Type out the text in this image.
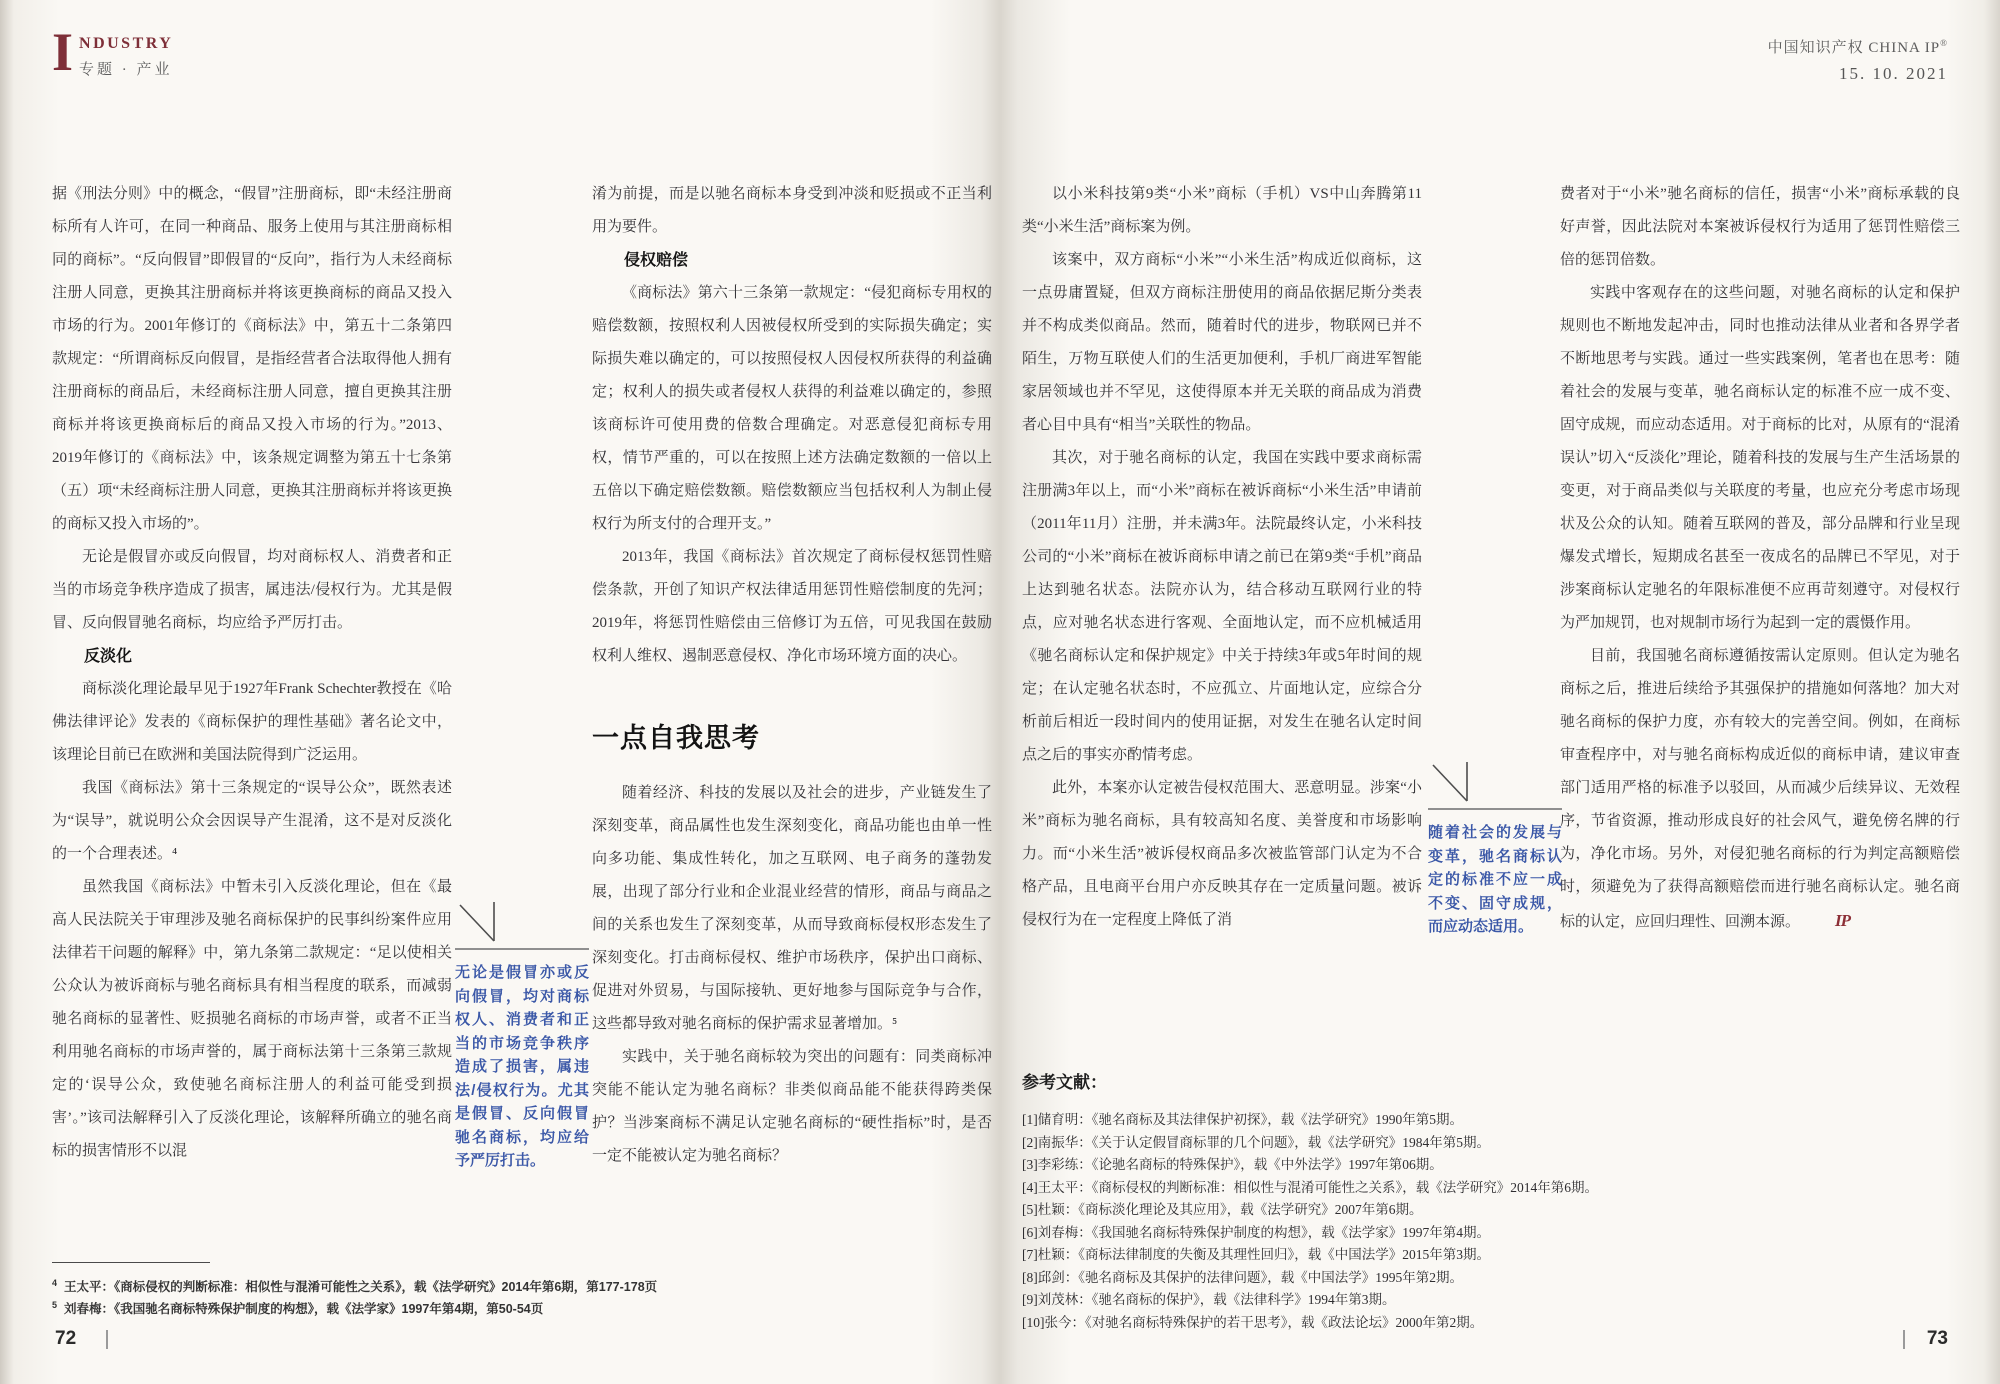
I NDUSTRY
专题 · 产业
中国知识产权 CHINA IP®
15. 10. 2021
据《刑法分则》中的概念，“假冒”注册商标，即“未经注册商标所有人许可，在同一种商品、服务上使用与其注册商标相同的商标”。“反向假冒”即假冒的“反向”，指行为人未经商标注册人同意，更换其注册商标并将该更换商标的商品又投入市场的行为。2001年修订的《商标法》中，第五十二条第四款规定：“所谓商标反向假冒，是指经营者合法取得他人拥有注册商标的商品后，未经商标注册人同意，擅自更换其注册商标并将该更换商标后的商品又投入市场的行为。”2013、2019年修订的《商标法》中，该条规定调整为第五十七条第（五）项“未经商标注册人同意，更换其注册商标并将该更换的商标又投入市场的”。
无论是假冒亦或反向假冒，均对商标权人、消费者和正当的市场竞争秩序造成了损害，属违法/侵权行为。尤其是假冒、反向假冒驰名商标，均应给予严厉打击。
反淡化
商标淡化理论最早见于1927年Frank Schechter教授在《哈佛法律评论》发表的《商标保护的理性基础》著名论文中，该理论目前已在欧洲和美国法院得到广泛运用。
我国《商标法》第十三条规定的“误导公众”，既然表述为“误导”，就说明公众会因误导产生混淆，这不是对反淡化的一个合理表述。⁴
虽然我国《商标法》中暂未引入反淡化理论，但在《最高人民法院关于审理涉及驰名商标保护的民事纠纷案件应用法律若干问题的解释》中，第九条第二款规定：“足以使相关公众认为被诉商标与驰名商标具有相当程度的联系，而减弱驰名商标的显著性、贬损驰名商标的市场声誉，或者不正当利用驰名商标的市场声誉的，属于商标法第十三条第三款规定的‘误导公众，致使驰名商标注册人的利益可能受到损害’。”该司法解释引入了反淡化理论，该解释所确立的驰名商标的损害情形不以混
淆为前提，而是以驰名商标本身受到冲淡和贬损或不正当利用为要件。
侵权赔偿
《商标法》第六十三条第一款规定：“侵犯商标专用权的赔偿数额，按照权利人因被侵权所受到的实际损失确定；实际损失难以确定的，可以按照侵权人因侵权所获得的利益确定；权利人的损失或者侵权人获得的利益难以确定的，参照该商标许可使用费的倍数合理确定。对恶意侵犯商标专用权，情节严重的，可以在按照上述方法确定数额的一倍以上五倍以下确定赔偿数额。赔偿数额应当包括权利人为制止侵权行为所支付的合理开支。”
2013年，我国《商标法》首次规定了商标侵权惩罚性赔偿条款，开创了知识产权法律适用惩罚性赔偿制度的先河；2019年，将惩罚性赔偿由三倍修订为五倍，可见我国在鼓励权利人维权、遏制恶意侵权、净化市场环境方面的决心。
一点自我思考
随着经济、科技的发展以及社会的进步，产业链发生了深刻变革，商品属性也发生深刻变化，商品功能也由单一性向多功能、集成性转化，加之互联网、电子商务的蓬勃发展，出现了部分行业和企业混业经营的情形，商品与商品之间的关系也发生了深刻变革，从而导致商标侵权形态发生了深刻变化。打击商标侵权、维护市场秩序，保护出口商标、促进对外贸易，与国际接轨、更好地参与国际竞争与合作，这些都导致对驰名商标的保护需求显著增加。⁵
实践中，关于驰名商标较为突出的问题有：同类商标冲突能不能认定为驰名商标？非类似商品能不能获得跨类保护？当涉案商标不满足认定驰名商标的“硬性指标”时，是否一定不能被认定为驰名商标？
以小米科技第9类“小米”商标（手机）VS中山奔腾第11类“小米生活”商标案为例。
该案中，双方商标“小米”“小米生活”构成近似商标，这一点毋庸置疑，但双方商标注册使用的商品依据尼斯分类表并不构成类似商品。然而，随着时代的进步，物联网已并不陌生，万物互联使人们的生活更加便利，手机厂商进军智能家居领域也并不罕见，这使得原本并无关联的商品成为消费者心目中具有“相当”关联性的物品。
其次，对于驰名商标的认定，我国在实践中要求商标需注册满3年以上，而“小米”商标在被诉商标“小米生活”申请前（2011年11月）注册，并未满3年。法院最终认定，小米科技公司的“小米”商标在被诉商标申请之前已在第9类“手机”商品上达到驰名状态。法院亦认为，结合移动互联网行业的特点，应对驰名状态进行客观、全面地认定，而不应机械适用《驰名商标认定和保护规定》中关于持续3年或5年时间的规定；在认定驰名状态时，不应孤立、片面地认定，应综合分析前后相近一段时间内的使用证据，对发生在驰名认定时间点之后的事实亦酌情考虑。
此外，本案亦认定被告侵权范围大、恶意明显。涉案“小米”商标为驰名商标，具有较高知名度、美誉度和市场影响力。而“小米生活”被诉侵权商品多次被监管部门认定为不合格产品，且电商平台用户亦反映其存在一定质量问题。被诉侵权行为在一定程度上降低了消
费者对于“小米”驰名商标的信任，损害“小米”商标承载的良好声誉，因此法院对本案被诉侵权行为适用了惩罚性赔偿三倍的惩罚倍数。
实践中客观存在的这些问题，对驰名商标的认定和保护规则也不断地发起冲击，同时也推动法律从业者和各界学者不断地思考与实践。通过一些实践案例，笔者也在思考：随着社会的发展与变革，驰名商标认定的标准不应一成不变、固守成规，而应动态适用。对于商标的比对，从原有的“混淆误认”切入“反淡化”理论，随着科技的发展与生产生活场景的变更，对于商品类似与关联度的考量，也应充分考虑市场现状及公众的认知。随着互联网的普及，部分品牌和行业呈现爆发式增长，短期成名甚至一夜成名的品牌已不罕见，对于涉案商标认定驰名的年限标准便不应再苛刻遵守。对侵权行为严加规罚，也对规制市场行为起到一定的震慑作用。
目前，我国驰名商标遵循按需认定原则。但认定为驰名商标之后，推进后续给予其强保护的措施如何落地？加大对驰名商标的保护力度，亦有较大的完善空间。例如，在商标审查程序中，对与驰名商标构成近似的商标申请，建议审查部门适用严格的标准予以驳回，从而减少后续异议、无效程序，节省资源，推动形成良好的社会风气，避免傍名牌的行为，净化市场。另外，对侵犯驰名商标的行为判定高额赔偿时，须避免为了获得高额赔偿而进行驰名商标认定。驰名商标的认定，应回归理性、回溯本源。 IP
无论是假冒亦或反向假冒，均对商标权人、消费者和正当的市场竞争秩序造成了损害，属违法/侵权行为。尤其是假冒、反向假冒驰名商标，均应给予严厉打击。
随着社会的发展与变革，驰名商标认定的标准不应一成不变、固守成规，而应动态适用。
$^4$ 王太平：《商标侵权的判断标准：相似性与混淆可能性之关系》，载《法学研究》2014年第6期，第177-178页
$^5$ 刘春梅：《我国驰名商标特殊保护制度的构想》，载《法学家》1997年第4期，第50-54页
参考文献：
[1]储育明：《驰名商标及其法律保护初探》，载《法学研究》1990年第5期。
[2]南振华：《关于认定假冒商标罪的几个问题》，载《法学研究》1984年第5期。
[3]李彩练：《论驰名商标的特殊保护》，载《中外法学》1997年第06期。
[4]王太平：《商标侵权的判断标准：相似性与混淆可能性之关系》，载《法学研究》2014年第6期。
[5]杜颖：《商标淡化理论及其应用》，载《法学研究》2007年第6期。
[6]刘春梅：《我国驰名商标特殊保护制度的构想》，载《法学家》1997年第4期。
[7]杜颖：《商标法律制度的失衡及其理性回归》，载《中国法学》2015年第3期。
[8]邱剑：《驰名商标及其保护的法律问题》，载《中国法学》1995年第2期。
[9]刘茂林：《驰名商标的保护》，载《法律科学》1994年第3期。
[10]张今：《对驰名商标特殊保护的若干思考》，载《政法论坛》2000年第2期。
72	73
